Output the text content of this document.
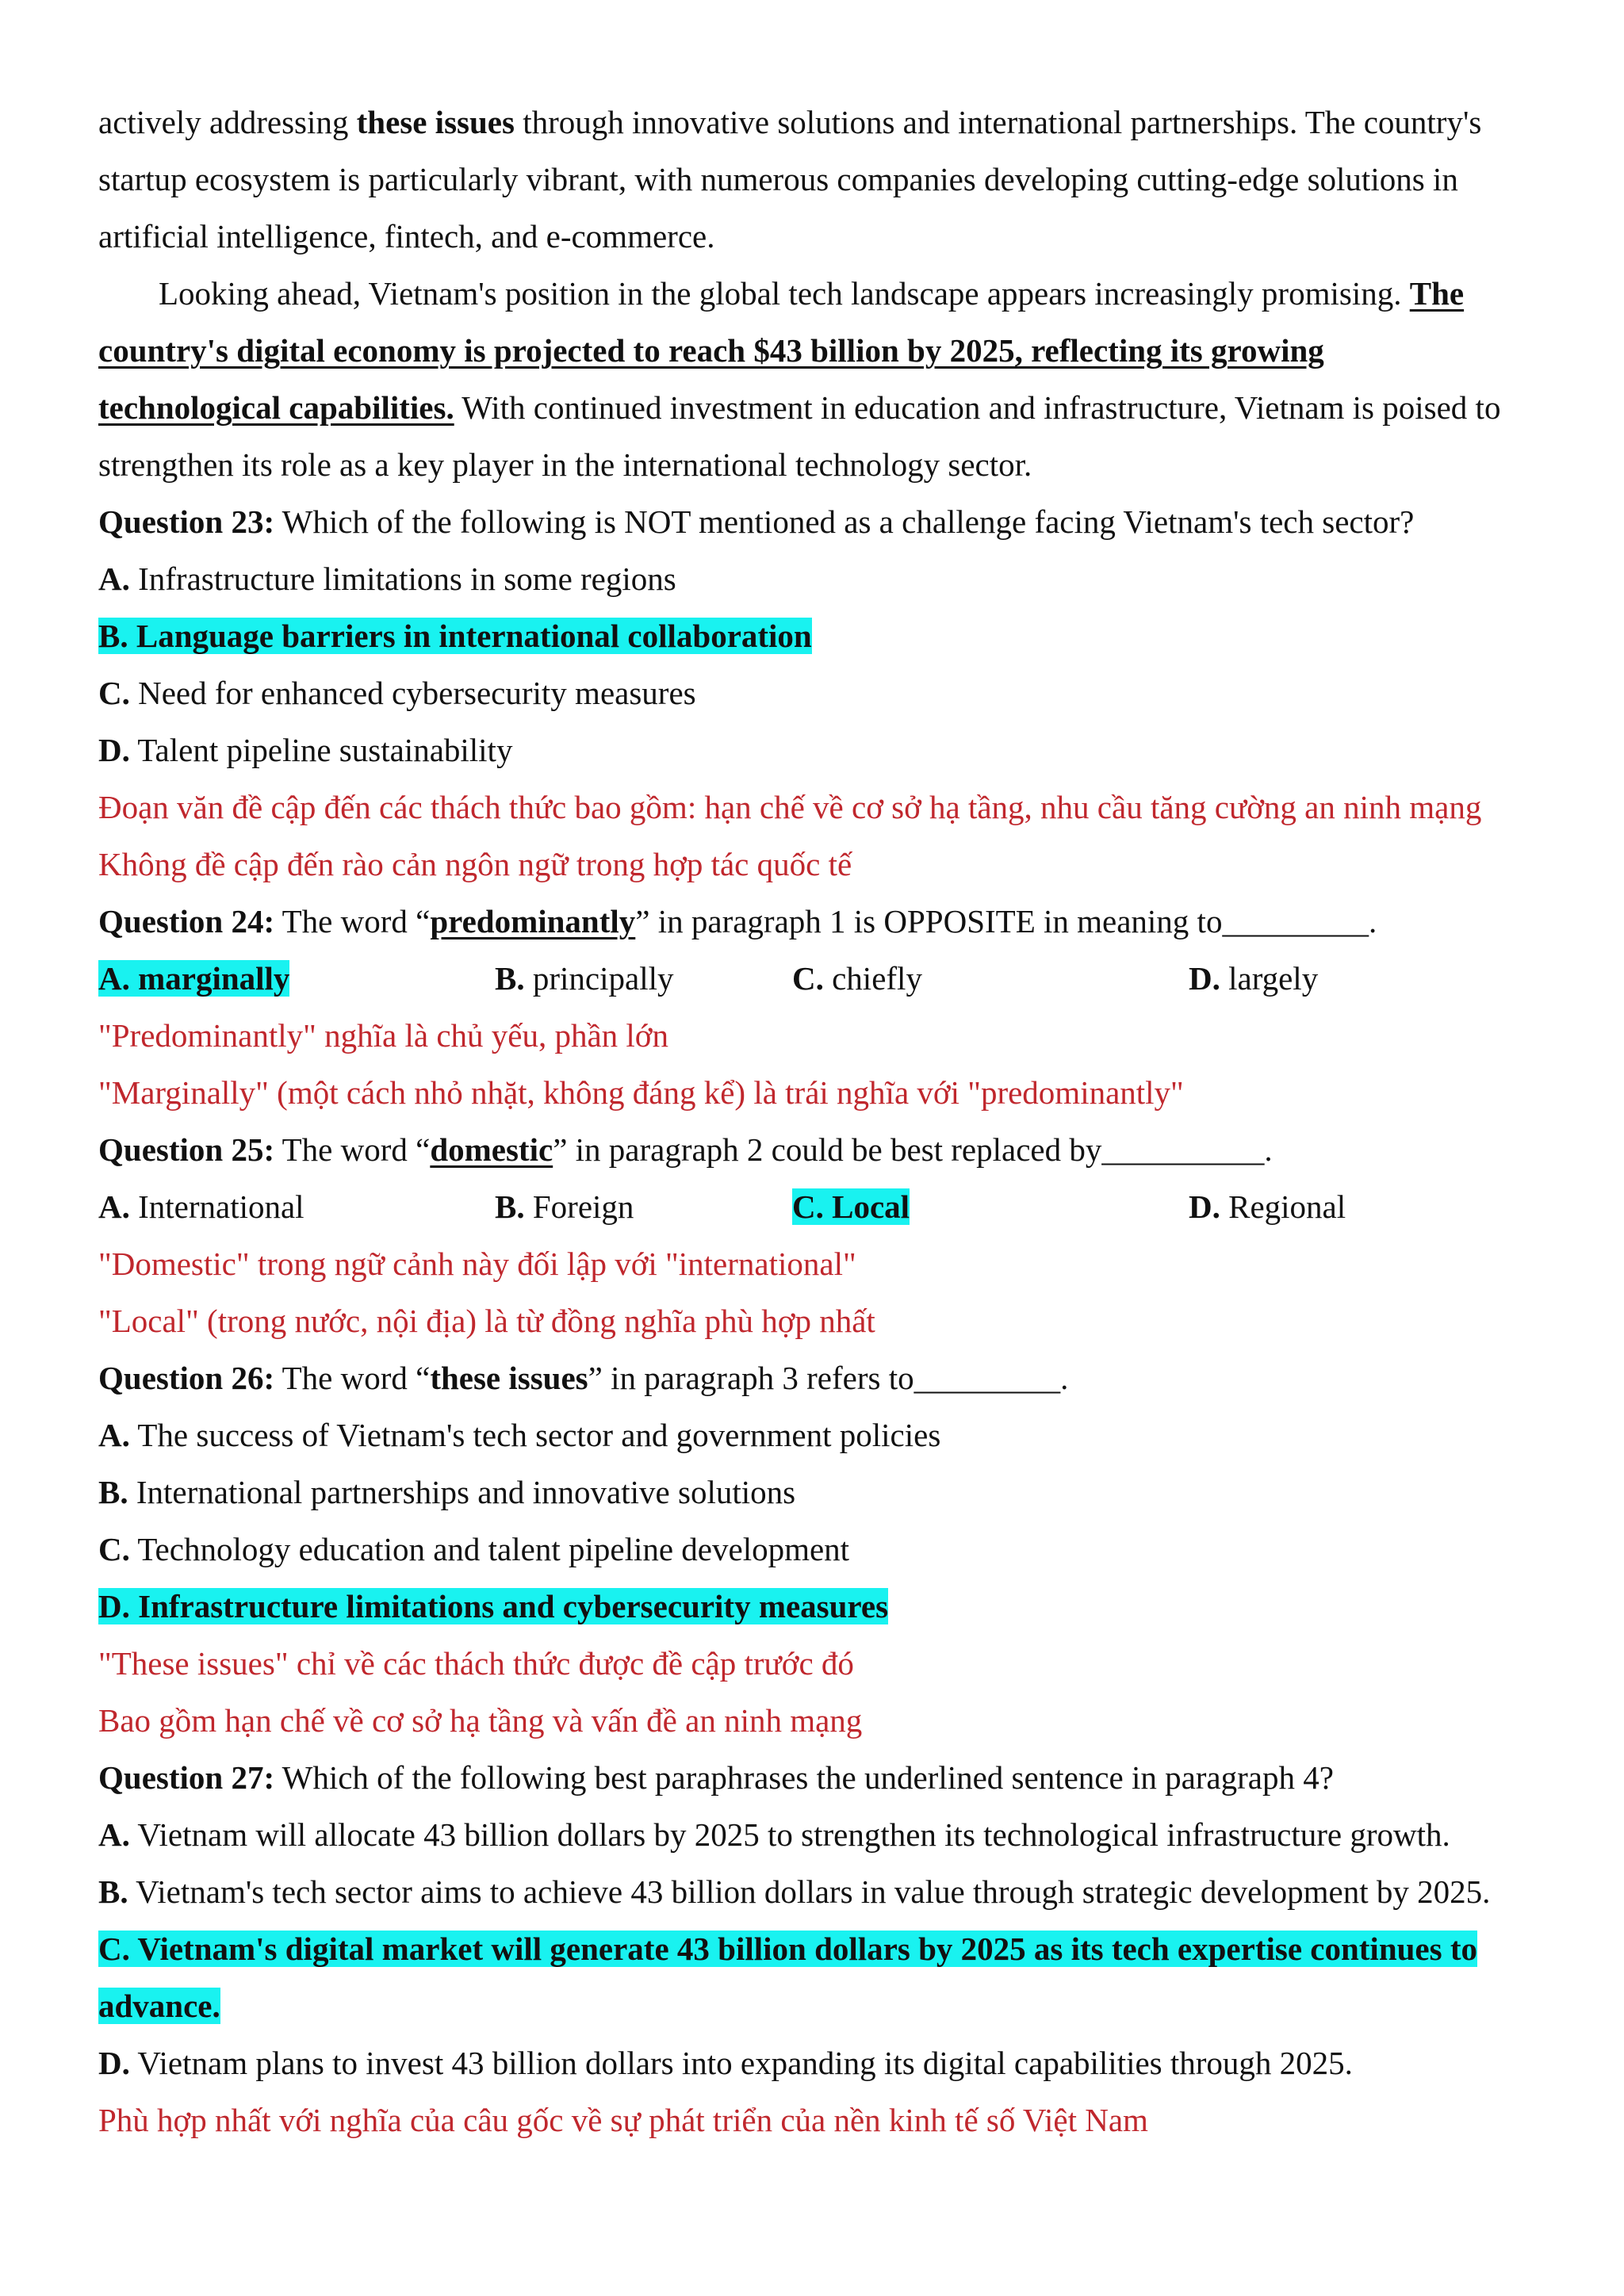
actively addressing these issues through innovative solutions and international partnerships. The country's
startup ecosystem is particularly vibrant, with numerous companies developing cutting-edge solutions in
artificial intelligence, fintech, and e-commerce.
Looking ahead, Vietnam's position in the global tech landscape appears increasingly promising. The
country's digital economy is projected to reach $43 billion by 2025, reflecting its growing
technological capabilities. With continued investment in education and infrastructure, Vietnam is poised to
strengthen its role as a key player in the international technology sector.
Question 23: Which of the following is NOT mentioned as a challenge facing Vietnam's tech sector?
A. Infrastructure limitations in some regions
B. Language barriers in international collaboration
C. Need for enhanced cybersecurity measures
D. Talent pipeline sustainability
Đoạn văn đề cập đến các thách thức bao gồm: hạn chế về cơ sở hạ tầng, nhu cầu tăng cường an ninh mạng
Không đề cập đến rào cản ngôn ngữ trong hợp tác quốc tế
Question 24: The word “predominantly” in paragraph 1 is OPPOSITE in meaning to_________.
A. marginally	B. principally	C. chiefly	D. largely
"Predominantly" nghĩa là chủ yếu, phần lớn
"Marginally" (một cách nhỏ nhặt, không đáng kể) là trái nghĩa với "predominantly"
Question 25: The word “domestic” in paragraph 2 could be best replaced by__________.
A. International	B. Foreign	C. Local	D. Regional
"Domestic" trong ngữ cảnh này đối lập với "international"
"Local" (trong nước, nội địa) là từ đồng nghĩa phù hợp nhất
Question 26: The word “these issues” in paragraph 3 refers to_________.
A. The success of Vietnam's tech sector and government policies
B. International partnerships and innovative solutions
C. Technology education and talent pipeline development
D. Infrastructure limitations and cybersecurity measures
"These issues" chỉ về các thách thức được đề cập trước đó
Bao gồm hạn chế về cơ sở hạ tầng và vấn đề an ninh mạng
Question 27: Which of the following best paraphrases the underlined sentence in paragraph 4?
A. Vietnam will allocate 43 billion dollars by 2025 to strengthen its technological infrastructure growth.
B. Vietnam's tech sector aims to achieve 43 billion dollars in value through strategic development by 2025.
C. Vietnam's digital market will generate 43 billion dollars by 2025 as its tech expertise continues to
advance.
D. Vietnam plans to invest 43 billion dollars into expanding its digital capabilities through 2025.
Phù hợp nhất với nghĩa của câu gốc về sự phát triển của nền kinh tế số Việt Nam
